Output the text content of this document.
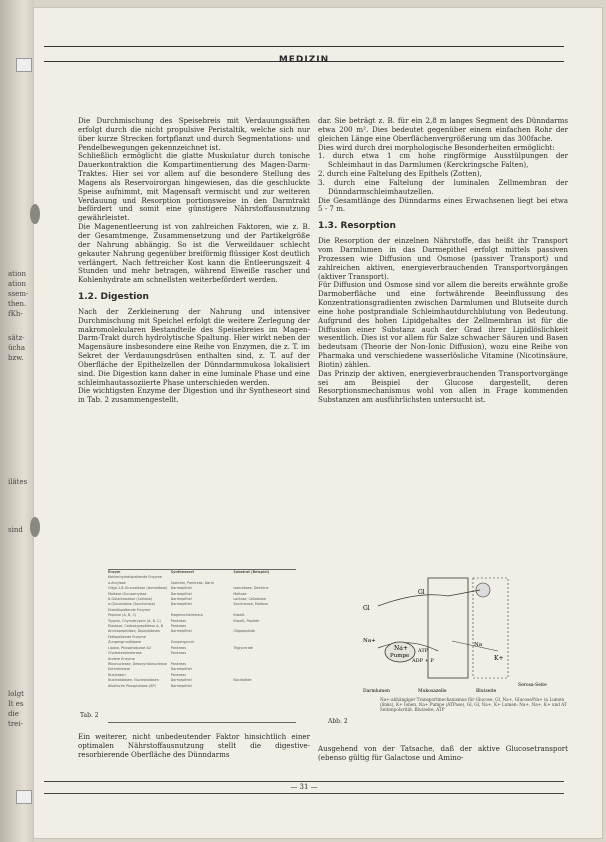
ation
ation
ssem-
then.
fKh-
sätz-
ücha
bzw.
ilätes
sind
lolgt
It es
die
trei-
MEDIZIN

Die Durchmischung des Speisebreis mit Verdauungssäften erfolgt durch die nicht propulsive Peristaltik, welche sich nur über kurze Strecken fortpflanzt und durch Segmentations- und Pendelbewegungen gekennzeichnet ist.

Schließlich ermöglicht die glatte Muskulatur durch tonische Dauerkontraktion die Kompartimentierung des Magen-Darm-Traktes. Hier sei vor allem auf die besondere Stellung des Magens als Reservoirorgan hingewiesen, das die geschluckte Speise aufnimmt, mit Magensaft vermischt und zur weiteren Verdauung und Resorption portionsweise in den Darmtrakt befördert und somit eine günstigere Nährstoffausnutzung gewährleistet.

Die Magenentleerung ist von zahlreichen Faktoren, wie z. B. der Gesamtmenge, Zusammensetzung und der Partikelgröße der Nahrung abhängig. So ist die Verweildauer schlecht gekauter Nahrung gegenüber breiförmig flüssiger Kost deutlich verlängert. Nach fettreicher Kost kann die Entleerungszeit 4 Stunden und mehr betragen, während Eiweiße rascher und Kohlenhydrate am schnellsten weiterbefördert werden.

1.2. Digestion

Nach der Zerkleinerung der Nahrung und intensiver Durchmischung mit Speichel erfolgt die weitere Zerlegung der makromolekularen Bestandteile des Speisebreies im Magen-Darm-Trakt durch hydrolytische Spaltung. Hier wirkt neben der Magensäure insbesondere eine Reihe von Enzymen, die z. T. im Sekret der Verdauungsdrüsen enthalten sind, z. T. auf der Oberfläche der Epithelzellen der Dünndarmmukosa lokalisiert sind. Die Digestion kann daher in eine luminale Phase und eine schleimhautassoziierte Phase unterschieden werden.

Die wichtigsten Enzyme der Digestion und ihr Syntheseort sind in Tab. 2 zusammengestellt.

Enzym	Syntheseort	Substrat (Beispiel)
Kohlenhydratspaltende Enzyme
a-Amylase	Speichel, Pankreas, Darm
Oligo-1,6-Glucosidase (Isomaltase) Darmepithel	Isomaltose, Dextrine
Maltase-Glucoamylase	Darmepithel	Maltose
ß-Galactosidase (Lactase)	Darmepithel	Lactose, Cellobiose
a-Glucosidase (Saccharase)	Darmepithel	Saccharose, Maltose
Eiweißspaltende Enzyme
Pepsine (A, B, C)	Magenschleimhaut	Eiweiß
Trypsin, Chymotrypsin (A, B, C)	Pankreas	Eiweiß, Peptide
Elastase, Carboxypeptidase A, B	Pankreas
Aminopeptidase, Dipeptidasen	Darmepithel	Oligopeptide
Fettspaltende Enzyme
Zungengrundlipase	Zungengrund
Lipase, Phospholipase A2	Pankreas	Triglyceride
Cholesterolesterase	Pankreas
Andere Enzyme
Ribonuclease, Desoxyribonuclease	Pankreas
Enterokinase	Darmepithel
Nucleasen	Pankreas
Nucleotidasen, Nucleosidasen	Darmepithel	Nucleotide
Alkalische Phosphatase (AP)	Darmepithel
Tab. 2
Ein weiterer, nicht unbedeutender Faktor hinsichtlich einer optimalen Nährstoffausnutzung stellt die digestive-resorbierende Oberfläche des Dünndarms

dar. Sie beträgt z. B. für ein 2,8 m langes Segment des Dünndarms etwa 200 m². Dies bedeutet gegenüber einem einfachen Rohr der gleichen Länge eine Oberflächenvergrößerung um das 300fache.

Dies wird durch drei morphologische Besonderheiten ermöglicht:

1. durch etwa 1 cm hohe ringförmige Ausstülpungen der Schleimhaut in das Darmlumen (Kerckringsche Falten),
2. durch eine Faltelung des Epithels (Zotten),
3. durch eine Faltelung der luminalen Zellmembran der Dünndarmschleimhautzellen.

Die Gesamtlänge des Dünndarms eines Erwachsenen liegt bei etwa 5 - 7 m.

1.3. Resorption

Die Resorption der einzelnen Nährstoffe, das heißt ihr Transport vom Darmlumen in das Darmepithel erfolgt mittels passiven Prozessen wie Diffusion und Osmose (passiver Transport) und zahlreichen aktiven, energieverbrauchenden Transportvorgängen (aktiver Transport).

Für Diffusion und Osmose sind vor allem die bereits erwähnte große Darmoberfläche und eine fortwährende Beeinflussung des Konzentrationsgradienten zwischen Darmlumen und Blutseite durch eine hohe postprandiale Schleimhautdurchblutung von Bedeutung. Aufgrund des hohen Lipidgehaltes der Zellmembran ist für die Diffusion einer Substanz auch der Grad ihrer Lipidlöslichkeit wesentlich. Dies ist vor allem für Salze schwacher Säuren und Basen bedeutsam (Theorie der Non-Ionic Diffusion), wozu eine Reihe von Pharmaka und verschiedene wasserlösliche Vitamine (Nicotinsäure, Biotin) zählen.

Das Prinzip der aktiven, energieverbrauchenden Transportvorgänge sei am Beispiel der Glucose dargestellt, deren Resorptionsmechanismus wohl von allen in Frage kommenden Substanzen am ausführlichsten untersucht ist.

Gl
Gl
Na+
Na+
Pumpe
ATP
ADP + P	K+
Na
Darmlumen	Mukosazelle	Blutseite
Serosa-Seite
Na+-abhängiger Transportmechanismus für Glucose, Gl, Na+, Glucose/Na+ in Lumen (links), K+ Ionen, Na+ Pumpe (ATPase), Gl, Gl, Na+, K+ Lumen: Na+, Na+, K+ und AT Seitenpolarität: Blutseite, ATP
Abb. 2
Ausgehend von der Tatsache, daß der aktive Glucosetransport (ebenso gültig für Galactose und Amino-
— 31 —
